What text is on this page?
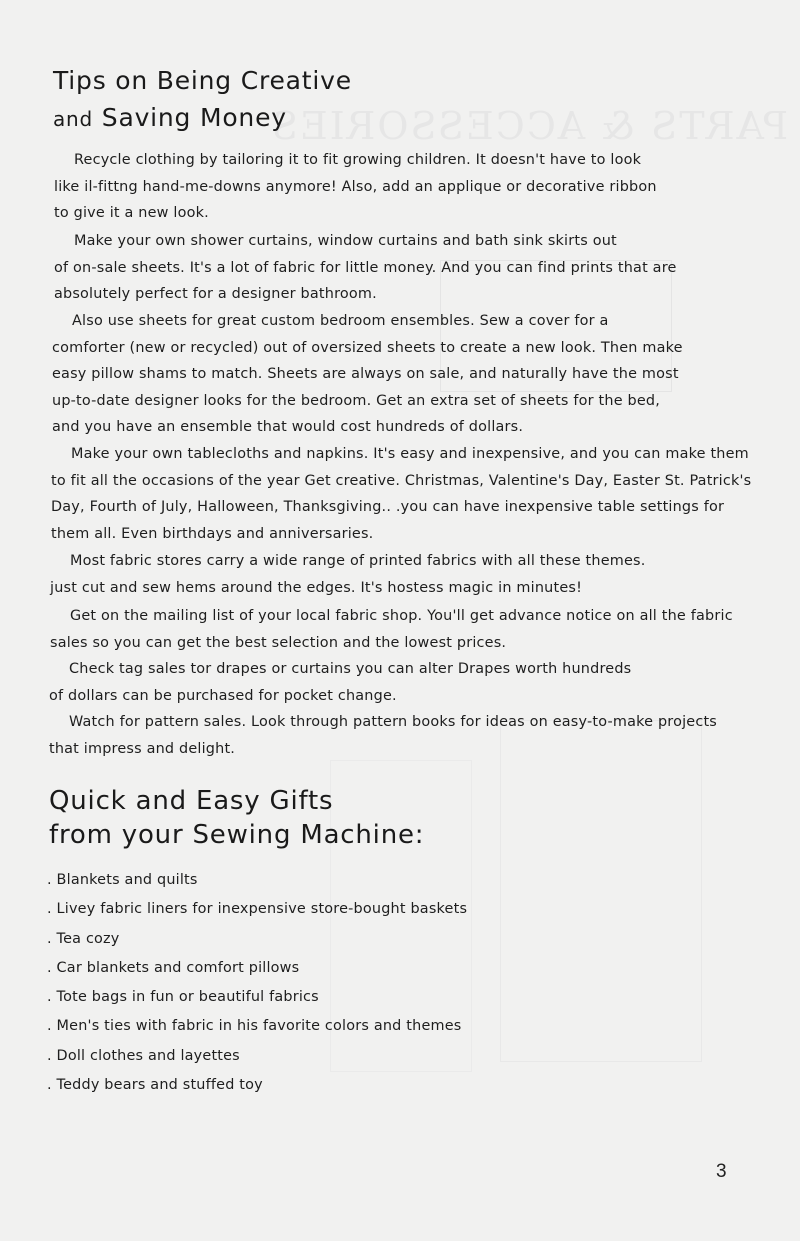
PARTS & ACCESSORIES
Tips on Being Creative
and Saving Money

Recycle clothing by tailoring it to fit growing children. It doesn't have to look

like il-fittng hand-me-downs anymore! Also, add an applique or decorative ribbon

to give it a new look.

Make your own shower curtains, window curtains and bath sink skirts out

of on-sale sheets. It's a lot of fabric for little money. And you can find prints that are

absolutely perfect for a designer bathroom.

Also use sheets for great custom bedroom ensembles. Sew a cover for a

comforter (new or recycled) out of oversized sheets to create a new look. Then make

easy pillow shams to match. Sheets are always on sale, and naturally have the most

up-to-date designer looks for the bedroom. Get an extra set of sheets for the bed,

and you have an ensemble that would cost hundreds of dollars.

Make your own tablecloths and napkins. It's easy and inexpensive, and you can make them

to fit all the occasions of the year Get creative. Christmas, Valentine's Day, Easter St. Patrick's

Day, Fourth of July, Halloween, Thanksgiving.. .you can have inexpensive table settings for

them all. Even birthdays and anniversaries.

Most fabric stores carry a wide range of printed fabrics with all these themes.

just cut and sew hems around the edges. It's hostess magic in minutes!

Get on the mailing list of your local fabric shop. You'll get advance notice on all the fabric

sales so you can get the best selection and the lowest prices.

Check tag sales tor drapes or curtains you can alter Drapes worth hundreds

of dollars can be purchased for pocket change.

Watch for pattern sales. Look through pattern books for ideas on easy-to-make projects

that impress and delight.

Quick and Easy Gifts
from your Sewing Machine:
. Blankets and quilts
. Livey fabric liners for inexpensive store-bought baskets
. Tea cozy
. Car blankets and comfort pillows
. Tote bags in fun or beautiful fabrics
. Men's ties with fabric in his favorite colors and themes
. Doll clothes and layettes
. Teddy bears and stuffed toy
3
